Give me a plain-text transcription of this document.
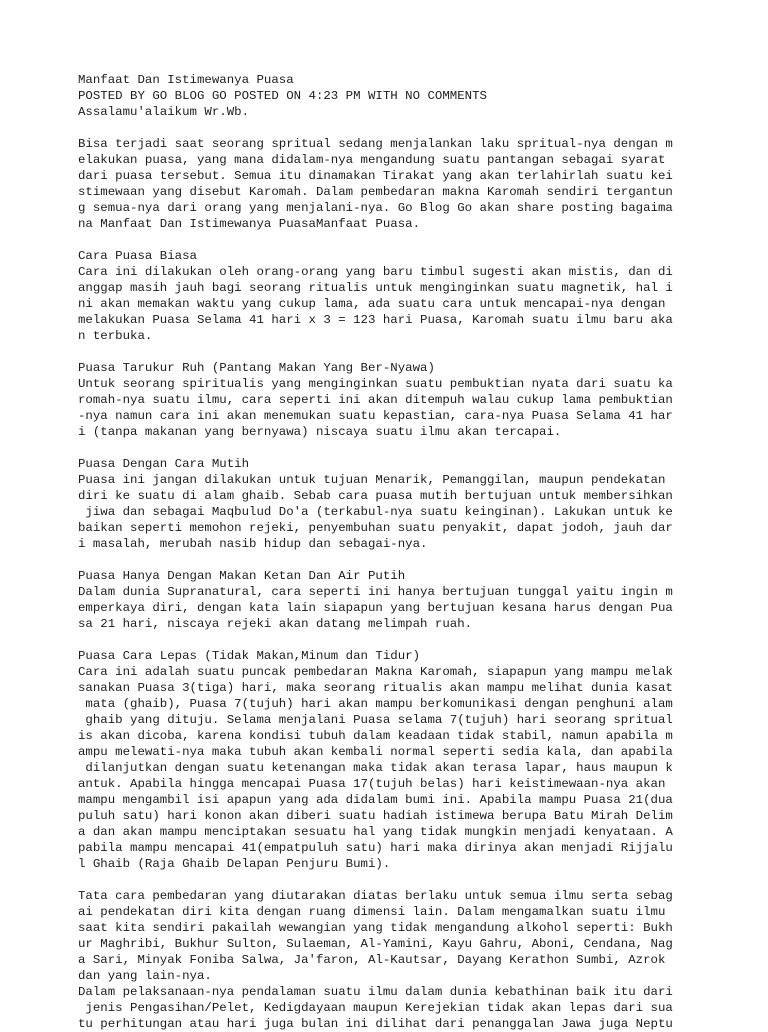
Manfaat Dan Istimewanya Puasa
POSTED BY GO BLOG GO POSTED ON 4:23 PM WITH NO COMMENTS
Assalamu'alaikum Wr.Wb.
Bisa terjadi saat seorang spritual sedang menjalankan laku spritual-nya dengan m
elakukan puasa, yang mana didalam-nya mengandung suatu pantangan sebagai syarat
dari puasa tersebut. Semua itu dinamakan Tirakat yang akan terlahirlah suatu kei
stimewaan yang disebut Karomah. Dalam pembedaran makna Karomah sendiri tergantun
g semua-nya dari orang yang menjalani-nya. Go Blog Go akan share posting bagaima
na Manfaat Dan Istimewanya PuasaManfaat Puasa.
Cara Puasa Biasa
Cara ini dilakukan oleh orang-orang yang baru timbul sugesti akan mistis, dan di
anggap masih jauh bagi seorang ritualis untuk menginginkan suatu magnetik, hal i
ni akan memakan waktu yang cukup lama, ada suatu cara untuk mencapai-nya dengan
melakukan Puasa Selama 41 hari x 3 = 123 hari Puasa, Karomah suatu ilmu baru aka
n terbuka.
Puasa Tarukur Ruh (Pantang Makan Yang Ber-Nyawa)
Untuk seorang spiritualis yang menginginkan suatu pembuktian nyata dari suatu ka
romah-nya suatu ilmu, cara seperti ini akan ditempuh walau cukup lama pembuktian
-nya namun cara ini akan menemukan suatu kepastian, cara-nya Puasa Selama 41 har
i (tanpa makanan yang bernyawa) niscaya suatu ilmu akan tercapai.
Puasa Dengan Cara Mutih
Puasa ini jangan dilakukan untuk tujuan Menarik, Pemanggilan, maupun pendekatan
diri ke suatu di alam ghaib. Sebab cara puasa mutih bertujuan untuk membersihkan
jiwa dan sebagai Maqbulud Do'a (terkabul-nya suatu keinginan). Lakukan untuk ke
baikan seperti memohon rejeki, penyembuhan suatu penyakit, dapat jodoh, jauh dar
i masalah, merubah nasib hidup dan sebagai-nya.
Puasa Hanya Dengan Makan Ketan Dan Air Putih
Dalam dunia Supranatural, cara seperti ini hanya bertujuan tunggal yaitu ingin m
emperkaya diri, dengan kata lain siapapun yang bertujuan kesana harus dengan Pua
sa 21 hari, niscaya rejeki akan datang melimpah ruah.
Puasa Cara Lepas (Tidak Makan,Minum dan Tidur)
Cara ini adalah suatu puncak pembedaran Makna Karomah, siapapun yang mampu melak
sanakan Puasa 3(tiga) hari, maka seorang ritualis akan mampu melihat dunia kasat
mata (ghaib), Puasa 7(tujuh) hari akan mampu berkomunikasi dengan penghuni alam
ghaib yang dituju. Selama menjalani Puasa selama 7(tujuh) hari seorang spritual
is akan dicoba, karena kondisi tubuh dalam keadaan tidak stabil, namun apabila m
ampu melewati-nya maka tubuh akan kembali normal seperti sedia kala, dan apabila
dilanjutkan dengan suatu ketenangan maka tidak akan terasa lapar, haus maupun k
antuk. Apabila hingga mencapai Puasa 17(tujuh belas) hari keistimewaan-nya akan
mampu mengambil isi apapun yang ada didalam bumi ini. Apabila mampu Puasa 21(dua
puluh satu) hari konon akan diberi suatu hadiah istimewa berupa Batu Mirah Delim
a dan akan mampu menciptakan sesuatu hal yang tidak mungkin menjadi kenyataan. A
pabila mampu mencapai 41(empatpuluh satu) hari maka dirinya akan menjadi Rijjalu
l Ghaib (Raja Ghaib Delapan Penjuru Bumi).
Tata cara pembedaran yang diutarakan diatas berlaku untuk semua ilmu serta sebag
ai pendekatan diri kita dengan ruang dimensi lain. Dalam mengamalkan suatu ilmu
saat kita sendiri pakailah wewangian yang tidak mengandung alkohol seperti: Bukh
ur Maghribi, Bukhur Sulton, Sulaeman, Al-Yamini, Kayu Gahru, Aboni, Cendana, Nag
a Sari, Minyak Foniba Salwa, Ja'faron, Al-Kautsar, Dayang Kerathon Sumbi, Azrok
dan yang lain-nya.
Dalam pelaksanaan-nya pendalaman suatu ilmu dalam dunia kebathinan baik itu dari
jenis Pengasihan/Pelet, Kedigdayaan maupun Kerejekian tidak akan lepas dari sua
tu perhitungan atau hari juga bulan ini dilihat dari penanggalan Jawa juga Neptu
